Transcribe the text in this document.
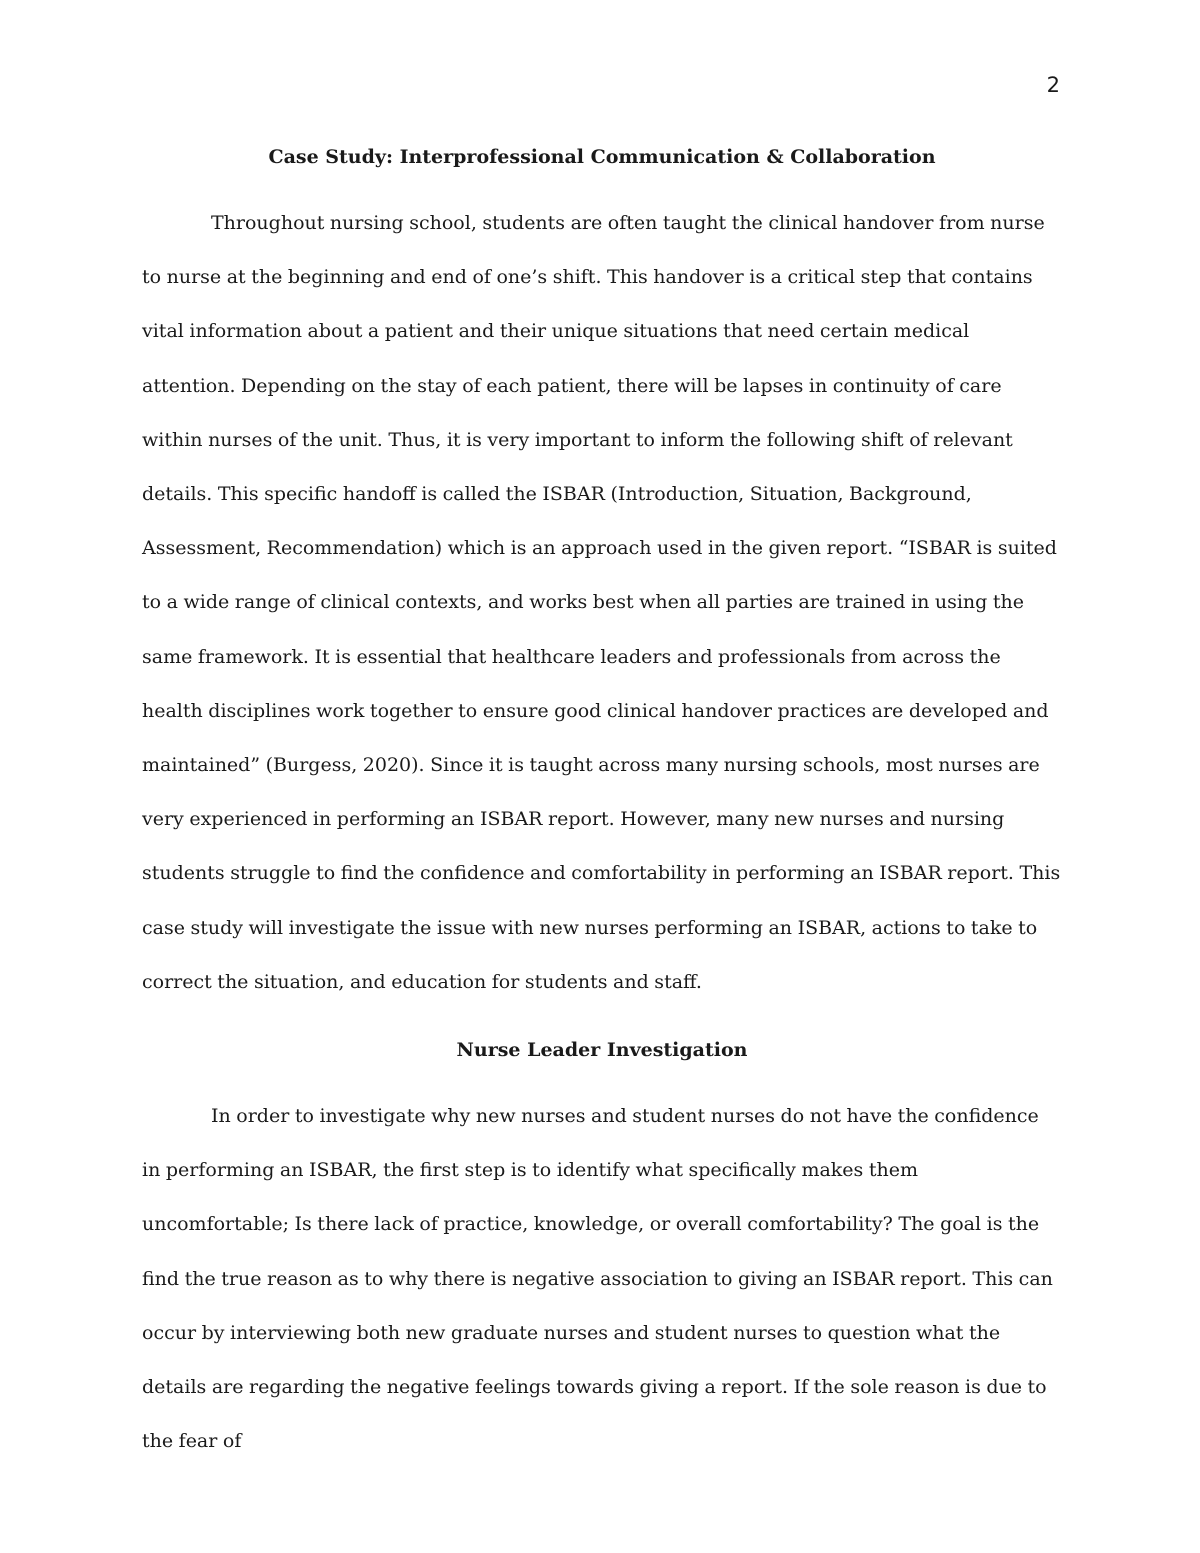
2
Case Study: Interprofessional Communication & Collaboration

Throughout nursing school, students are often taught the clinical handover from nurse to nurse at the beginning and end of one’s shift. This handover is a critical step that contains vital information about a patient and their unique situations that need certain medical attention. Depending on the stay of each patient, there will be lapses in continuity of care within nurses of the unit. Thus, it is very important to inform the following shift of relevant details. This specific handoff is called the ISBAR (Introduction, Situation, Background, Assessment, Recommendation) which is an approach used in the given report. “ISBAR is suited to a wide range of clinical contexts, and works best when all parties are trained in using the same framework. It is essential that healthcare leaders and professionals from across the health disciplines work together to ensure good clinical handover practices are developed and maintained” (Burgess, 2020). Since it is taught across many nursing schools, most nurses are very experienced in performing an ISBAR report. However, many new nurses and nursing students struggle to find the confidence and comfortability in performing an ISBAR report. This case study will investigate the issue with new nurses performing an ISBAR, actions to take to correct the situation, and education for students and staff.

Nurse Leader Investigation

In order to investigate why new nurses and student nurses do not have the confidence in performing an ISBAR, the first step is to identify what specifically makes them uncomfortable; Is there lack of practice, knowledge, or overall comfortability? The goal is the find the true reason as to why there is negative association to giving an ISBAR report. This can occur by interviewing both new graduate nurses and student nurses to question what the details are regarding the negative feelings towards giving a report. If the sole reason is due to the fear of
